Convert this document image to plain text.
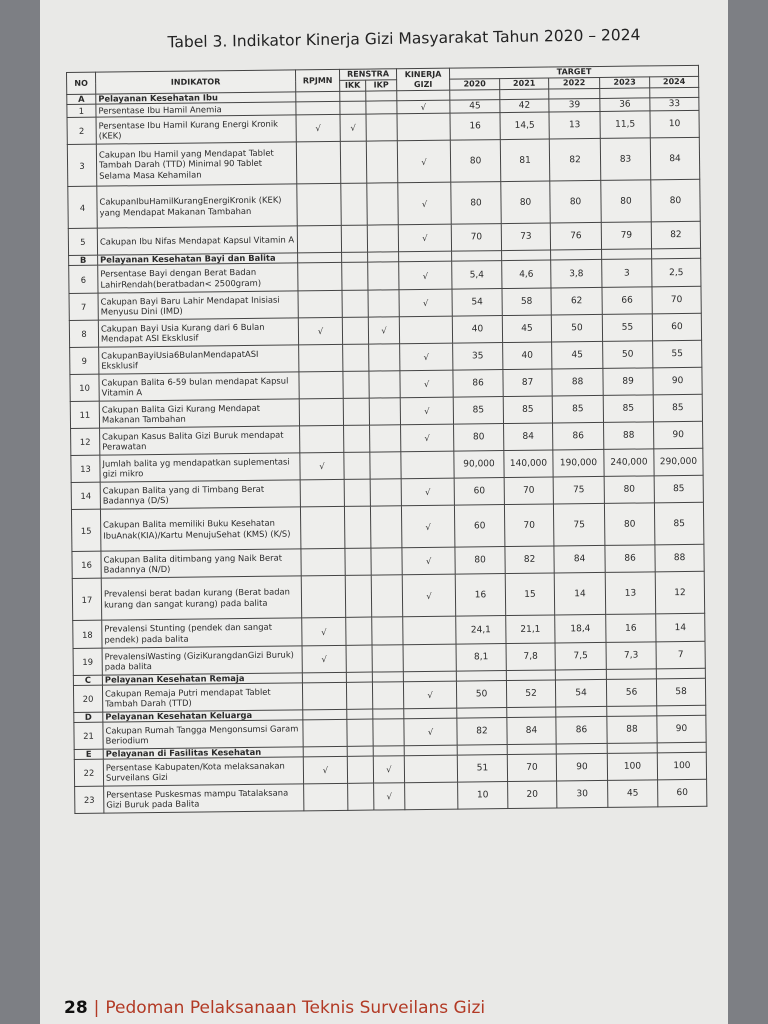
Tabel 3. Indikator Kinerja Gizi Masyarakat Tahun 2020 – 2024
NO	INDIKATOR	RPJMN	RENSTRA		KINERJA GIZI	TARGET				
			IKK	IKP		2020	2021	2022	2023	2024
A	Pelayanan Kesehatan Ibu									
1	Persentase Ibu Hamil Anemia				√	45	42	39	36	33
2	Persentase Ibu Hamil Kurang Energi Kronik (KEK)	√	√			16	14,5	13	11,5	10
3	Cakupan Ibu Hamil yang Mendapat Tablet Tambah Darah (TTD) Minimal 90 Tablet Selama Masa Kehamilan				√	80	81	82	83	84
4	CakupanIbuHamilKurangEnergiKronik (KEK) yang Mendapat Makanan Tambahan				√	80	80	80	80	80
5	Cakupan Ibu Nifas Mendapat Kapsul Vitamin A				√	70	73	76	79	82
B	Pelayanan Kesehatan Bayi dan Balita									
6	Persentase Bayi dengan Berat Badan LahirRendah(beratbadan< 2500gram)				√	5,4	4,6	3,8	3	2,5
7	Cakupan Bayi Baru Lahir Mendapat Inisiasi Menyusu Dini (IMD)				√	54	58	62	66	70
8	Cakupan Bayi Usia Kurang dari 6 Bulan Mendapat ASI Eksklusif	√		√		40	45	50	55	60
9	CakupanBayiUsia6BulanMendapatASI Eksklusif				√	35	40	45	50	55
10	Cakupan Balita 6-59 bulan mendapat Kapsul Vitamin A				√	86	87	88	89	90
11	Cakupan Balita Gizi Kurang Mendapat Makanan Tambahan				√	85	85	85	85	85
12	Cakupan Kasus Balita Gizi Buruk mendapat Perawatan				√	80	84	86	88	90
13	Jumlah balita yg mendapatkan suplementasi gizi mikro	√				90,000	140,000	190,000	240,000	290,000
14	Cakupan Balita yang di Timbang Berat Badannya (D/S)				√	60	70	75	80	85
15	Cakupan Balita memiliki Buku Kesehatan IbuAnak(KIA)/Kartu MenujuSehat (KMS) (K/S)				√	60	70	75	80	85
16	Cakupan Balita ditimbang yang Naik Berat Badannya (N/D)				√	80	82	84	86	88
17	Prevalensi berat badan kurang (Berat badan kurang dan sangat kurang) pada balita				√	16	15	14	13	12
18	Prevalensi Stunting (pendek dan sangat pendek) pada balita	√				24,1	21,1	18,4	16	14
19	PrevalensiWasting (GiziKurangdanGizi Buruk) pada balita	√				8,1	7,8	7,5	7,3	7
C	Pelayanan Kesehatan Remaja									
20	Cakupan Remaja Putri mendapat Tablet Tambah Darah (TTD)				√	50	52	54	56	58
D	Pelayanan Kesehatan Keluarga									
21	Cakupan Rumah Tangga Mengonsumsi Garam Beriodium				√	82	84	86	88	90
E	Pelayanan di Fasilitas Kesehatan									
22	Persentase Kabupaten/Kota melaksanakan Surveilans Gizi	√		√		51	70	90	100	100
23	Persentase Puskesmas mampu Tatalaksana Gizi Buruk pada Balita			√		10	20	30	45	60
28 | Pedoman Pelaksanaan Teknis Surveilans Gizi
